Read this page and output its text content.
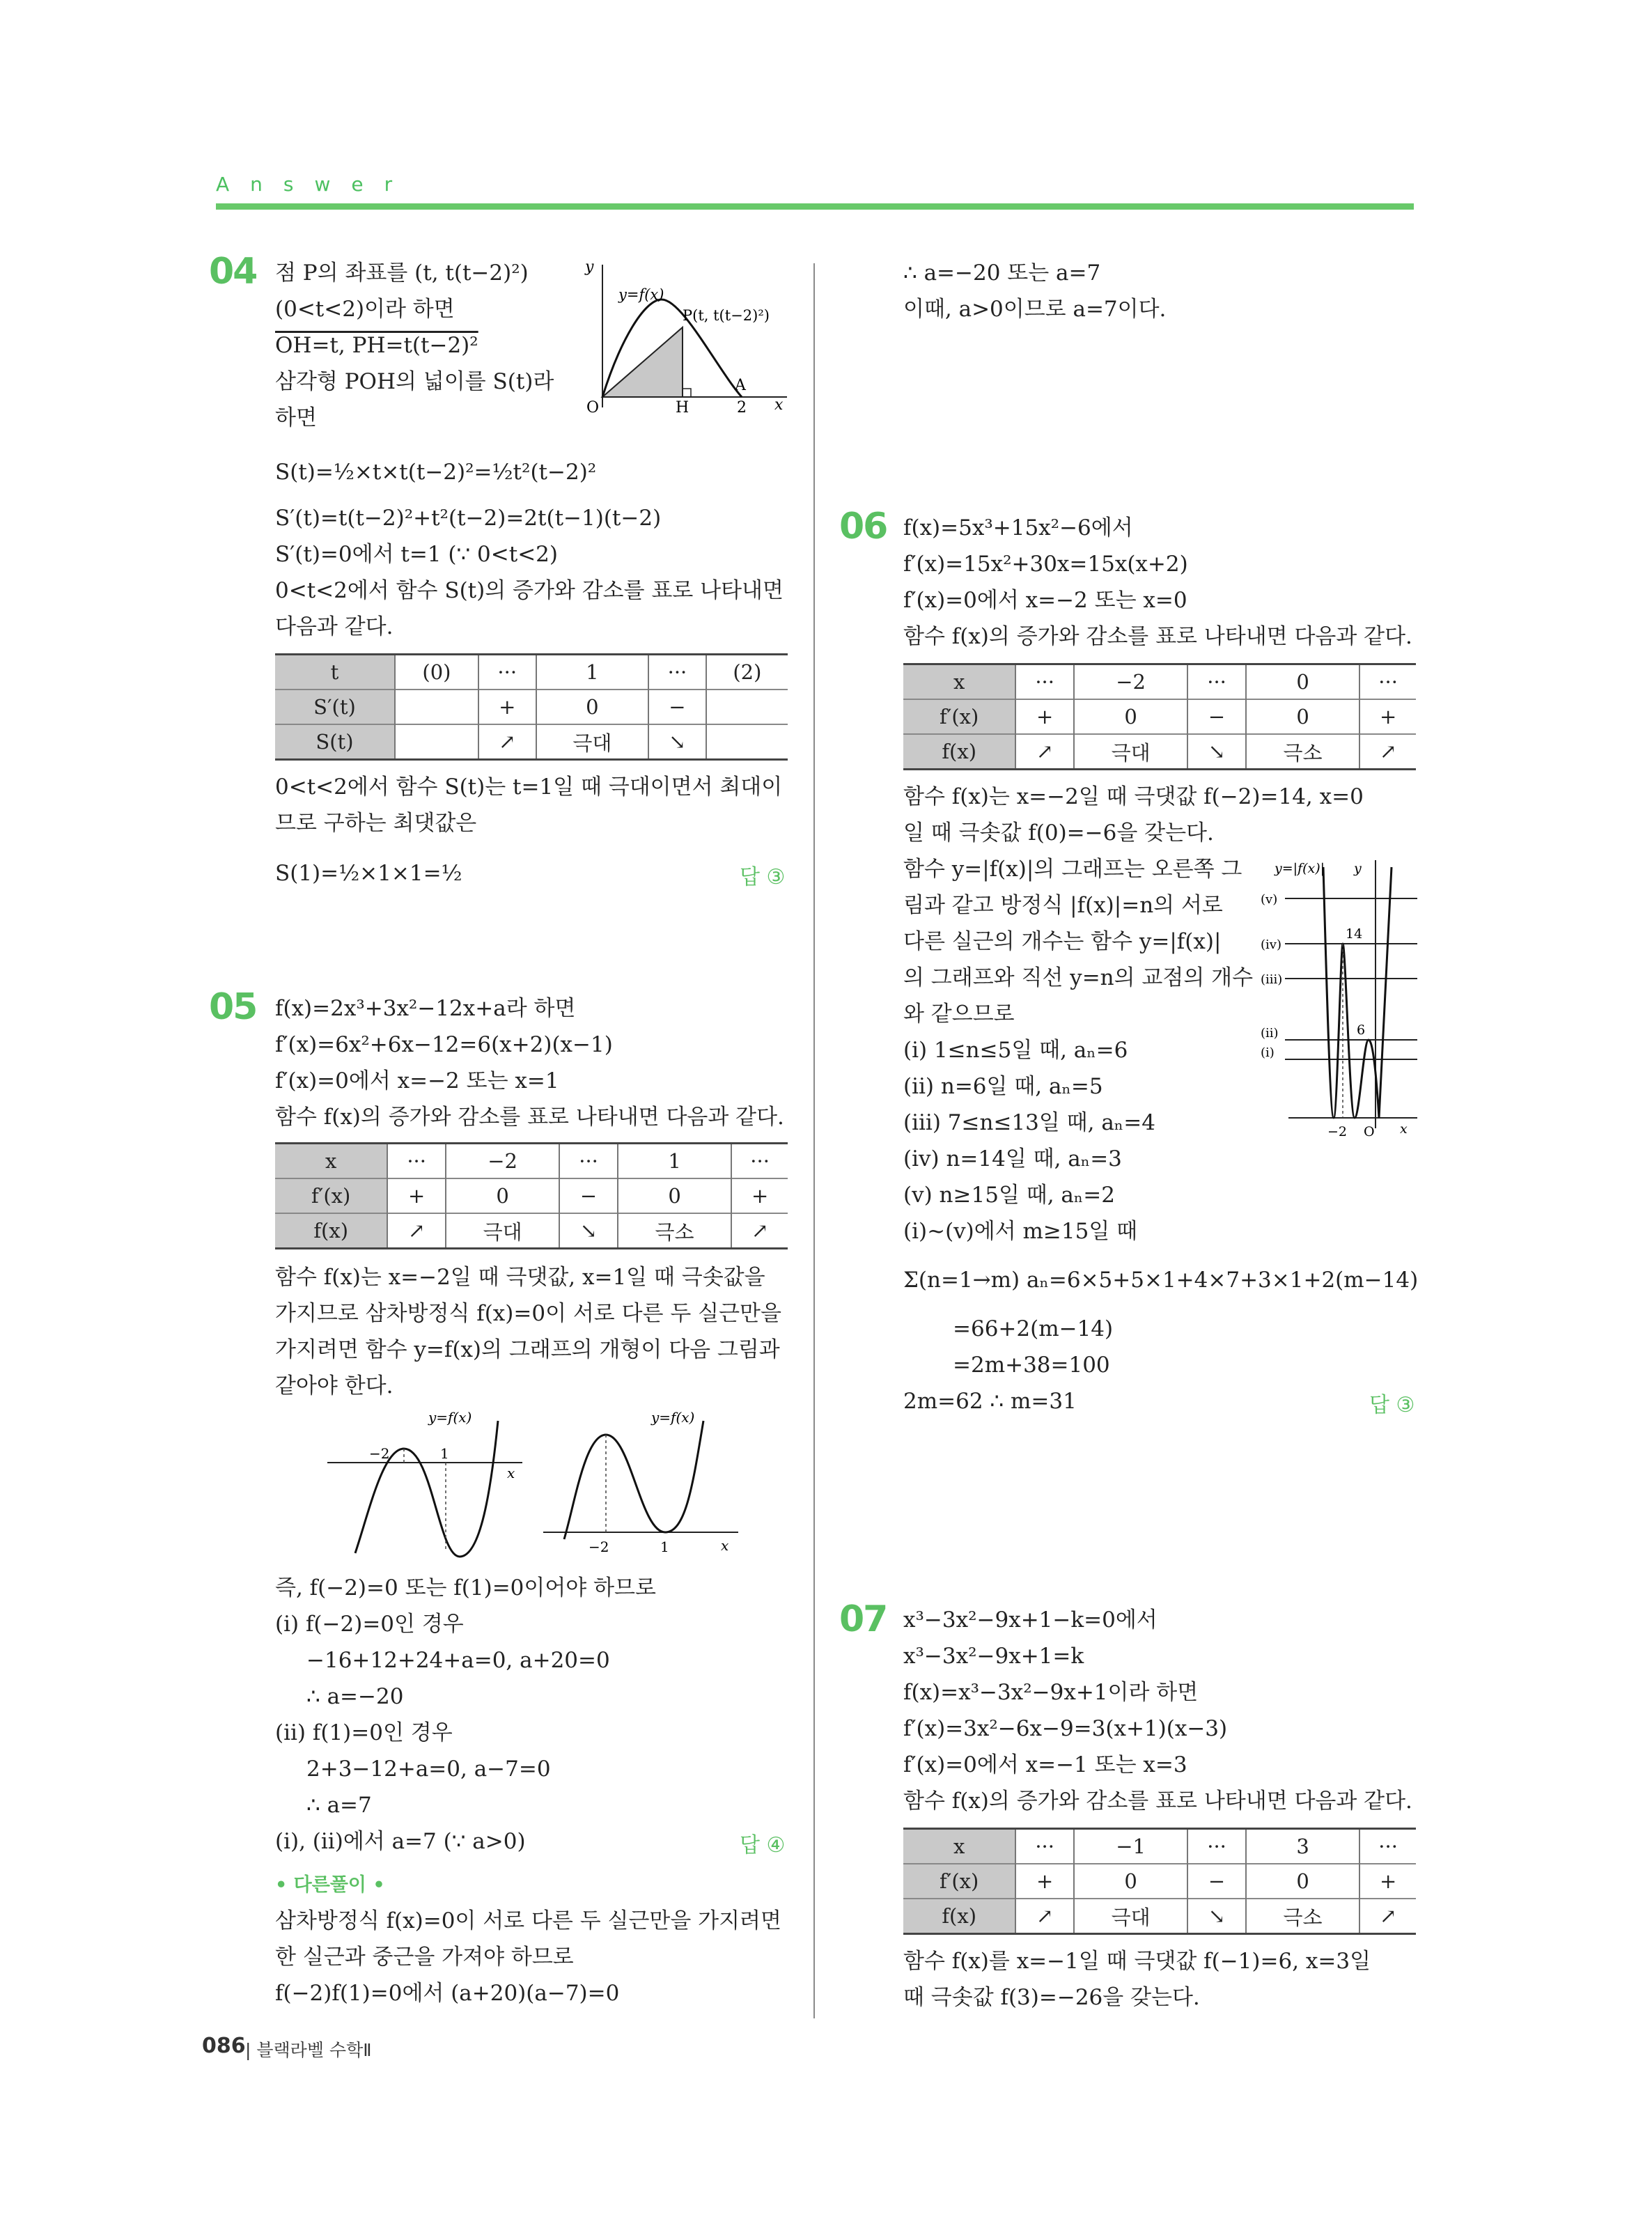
Answer
04 점 P의 좌표를 (t, t(t−2)²)
(0<t<2)이라 하면
OH=t, PH=t(t−2)²
삼각형 POH의 넓이를 S(t)라
하면
y
y=f(x)
P(t, t(t−2)²)
O	H
A
2 x
S(t)=½×t×t(t−2)²=½t²(t−2)²
S′(t)=t(t−2)²+t²(t−2)=2t(t−1)(t−2)
S′(t)=0에서 t=1 (∵ 0<t<2)
0<t<2에서 함수 S(t)의 증가와 감소를 표로 나타내면
다음과 같다.
t	(0)	···	1	···	(2)
S′(t)		+	0	−	
S(t)		↗	극대	↘	
0<t<2에서 함수 S(t)는 t=1일 때 극대이면서 최대이
므로 구하는 최댓값은
S(1)=½×1×1=½	답 ③
05 f(x)=2x³+3x²−12x+a라 하면
f′(x)=6x²+6x−12=6(x+2)(x−1)
f′(x)=0에서 x=−2 또는 x=1
함수 f(x)의 증가와 감소를 표로 나타내면 다음과 같다.
x	···	−2	···	1	···
f′(x)	+	0	−	0	+
f(x)	↗	극대	↘	극소	↗
함수 f(x)는 x=−2일 때 극댓값, x=1일 때 극솟값을
가지므로 삼차방정식 f(x)=0이 서로 다른 두 실근만을
가지려면 함수 y=f(x)의 그래프의 개형이 다음 그림과
같아야 한다.
y=f(x)
−2	1
x
y=f(x)
−2	1	x
즉, f(−2)=0 또는 f(1)=0이어야 하므로
(ⅰ) f(−2)=0인 경우
−16+12+24+a=0, a+20=0
∴ a=−20
(ⅱ) f(1)=0인 경우
2+3−12+a=0, a−7=0
∴ a=7
(ⅰ), (ⅱ)에서 a=7 (∵ a>0)	답 ④
• 다른풀이 •
삼차방정식 f(x)=0이 서로 다른 두 실근만을 가지려면
한 실근과 중근을 가져야 하므로
f(−2)f(1)=0에서 (a+20)(a−7)=0
∴ a=−20 또는 a=7
이때, a>0이므로 a=7이다.
06 f(x)=5x³+15x²−6에서
f′(x)=15x²+30x=15x(x+2)
f′(x)=0에서 x=−2 또는 x=0
함수 f(x)의 증가와 감소를 표로 나타내면 다음과 같다.
x	···	−2	···	0	···
f′(x)	+	0	−	0	+
f(x)	↗	극대	↘	극소	↗
함수 f(x)는 x=−2일 때 극댓값 f(−2)=14, x=0
일 때 극솟값 f(0)=−6을 갖는다.
함수 y=|f(x)|의 그래프는 오른쪽 그
림과 같고 방정식 |f(x)|=n의 서로
다른 실근의 개수는 함수 y=|f(x)|
의 그래프와 직선 y=n의 교점의 개수
와 같으므로
y=|f(x)| y
(ⅴ)
(ⅳ)
(ⅲ)
(ⅱ)
(ⅰ)
14
6
−2 O x
(ⅰ) 1≤n≤5일 때, aₙ=6
(ⅱ) n=6일 때, aₙ=5
(ⅲ) 7≤n≤13일 때, aₙ=4
(ⅳ) n=14일 때, aₙ=3
(ⅴ) n≥15일 때, aₙ=2
(ⅰ)~(ⅴ)에서 m≥15일 때
Σ(n=1→m) aₙ=6×5+5×1+4×7+3×1+2(m−14)
=66+2(m−14)
=2m+38=100
2m=62 ∴ m=31	답 ③
07 x³−3x²−9x+1−k=0에서
x³−3x²−9x+1=k
f(x)=x³−3x²−9x+1이라 하면
f′(x)=3x²−6x−9=3(x+1)(x−3)
f′(x)=0에서 x=−1 또는 x=3
함수 f(x)의 증가와 감소를 표로 나타내면 다음과 같다.
x	···	−1	···	3	···
f′(x)	+	0	−	0	+
f(x)	↗	극대	↘	극소	↗
함수 f(x)를 x=−1일 때 극댓값 f(−1)=6, x=3일
때 극솟값 f(3)=−26을 갖는다.
086 | 블랙라벨 수학Ⅱ
